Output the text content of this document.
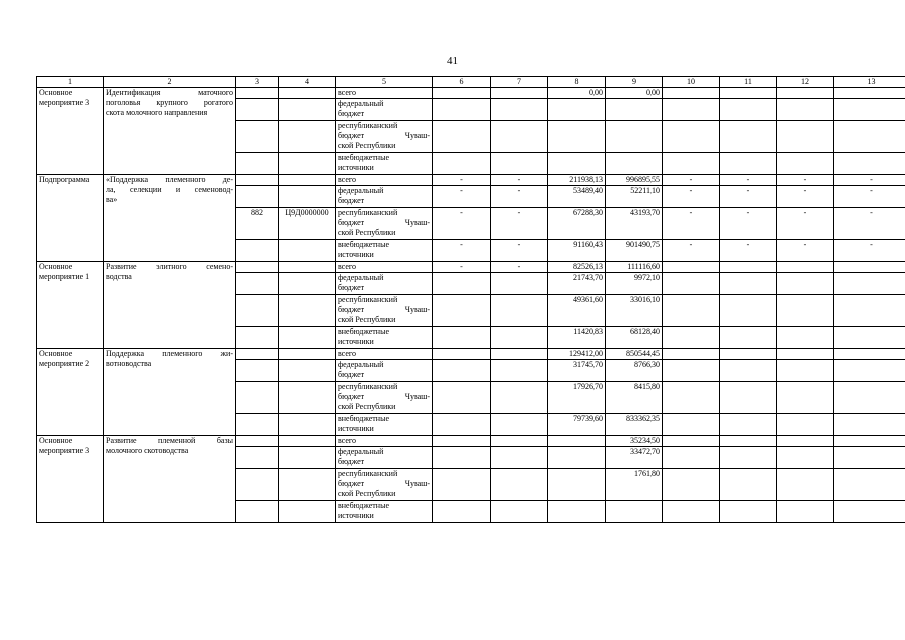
41
1	2	3	4	5	6	7	8	9	10	11	12	13

Основное
мероприятие 3	Идентификация маточного
поголовья крупного рогатого
скота молочного направления			всего			0,00	0,00				

				федеральный
бюджет								

				республиканский
бюджет Чуваш-
ской Республики								

				внебюджетные
источники								

Подпрограмма	«Поддержка племенного де-
ла, селекции и семеновод-
ва»			всего	-	-	211938,13	996895,55	-	-	-	-

				федеральный
бюджет	-	-	53489,40	52211,10	-	-	-	-
		882	Ц9Д0000000	республиканский
бюджет Чуваш-
ской Республики	-	-	67288,30	43193,70	-	-	-	-

				внебюджетные
источники	-	-	91160,43	901490,75	-	-	-	-

Основное
мероприятие 1	Развитие элитного семено-
водства			всего	-	-	82526,13	111116,60				

				федеральный
бюджет			21743,70	9972,10				

				республиканский
бюджет Чуваш-
ской Республики			49361,60	33016,10				

				внебюджетные
источники			11420,83	68128,40				

Основное
мероприятие 2	Поддержка племенного жи-
вотноводства			всего			129412,00	850544,45				

				федеральный
бюджет			31745,70	8766,30				

				республиканский
бюджет Чуваш-
ской Республики			17926,70	8415,80				

				внебюджетные
источники			79739,60	833362,35				

Основное
мероприятие 3	Развитие племенной базы
молочного скотоводства			всего				35234,50				

				федеральный
бюджет				33472,70				

				республиканский
бюджет Чуваш-
ской Республики				1761,80				

				внебюджетные
источники								
